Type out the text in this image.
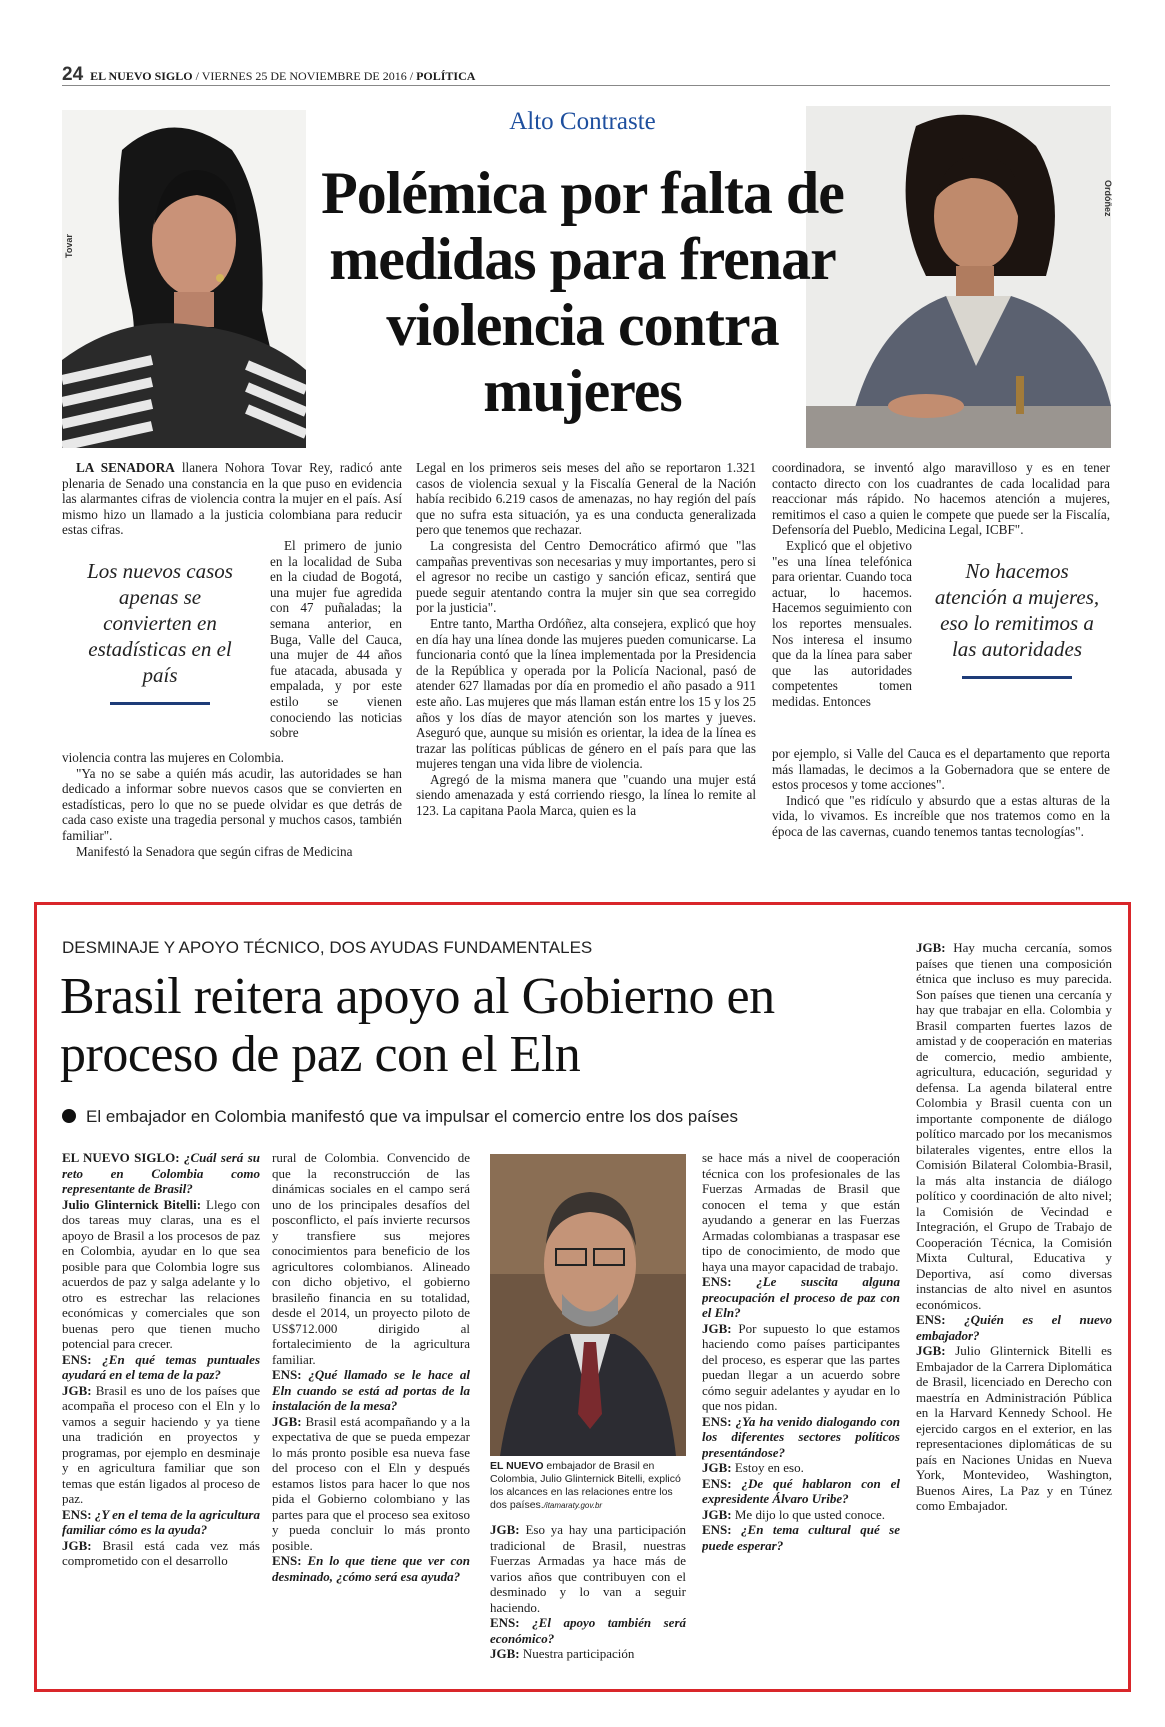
24 EL NUEVO SIGLO / VIERNES 25 DE NOVIEMBRE DE 2016 / POLÍTICA
Alto Contraste
Tovar
Ordóñez
Polémica por falta de medidas para frenar violencia contra mujeres

LA SENADORA llanera Nohora Tovar Rey, radicó ante plenaria de Senado una constancia en la que puso en evidencia las alarmantes cifras de violencia contra la mujer en el país. Así mismo hizo un llamado a la justicia colombiana para reducir estas cifras.

Los nuevos casos apenas se convierten en estadísticas en el país

El primero de junio en la localidad de Suba en la ciudad de Bogotá, una mujer fue agredida con 47 puñaladas; la semana anterior, en Buga, Valle del Cauca, una mujer de 44 años fue atacada, abusada y empalada, y por este estilo se vienen conociendo las noticias sobre

violencia contra las mujeres en Colombia.

"Ya no se sabe a quién más acudir, las autoridades se han dedicado a informar sobre nuevos casos que se convierten en estadísticas, pero lo que no se puede olvidar es que detrás de cada caso existe una tragedia personal y muchos casos, también familiar".

Manifestó la Senadora que según cifras de Medicina

Legal en los primeros seis meses del año se reportaron 1.321 casos de violencia sexual y la Fiscalía General de la Nación había recibido 6.219 casos de amenazas, no hay región del país que no sufra esta situación, ya es una conducta generalizada pero que tenemos que rechazar.

La congresista del Centro Democrático afirmó que "las campañas preventivas son necesarias y muy importantes, pero si el agresor no recibe un castigo y sanción eficaz, sentirá que puede seguir atentando contra la mujer sin que sea corregido por la justicia".

Entre tanto, Martha Ordóñez, alta consejera, explicó que hoy en día hay una línea donde las mujeres pueden comunicarse. La funcionaria contó que la línea implementada por la Presidencia de la República y operada por la Policía Nacional, pasó de atender 627 llamadas por día en promedio el año pasado a 911 este año. Las mujeres que más llaman están entre los 15 y los 25 años y los días de mayor atención son los martes y jueves. Aseguró que, aunque su misión es orientar, la idea de la línea es trazar las políticas públicas de género en el país para que las mujeres tengan una vida libre de violencia.

Agregó de la misma manera que "cuando una mujer está siendo amenazada y está corriendo riesgo, la línea lo remite al 123. La capitana Paola Marca, quien es la

coordinadora, se inventó algo maravilloso y es en tener contacto directo con los cuadrantes de cada localidad para reaccionar más rápido. No hacemos atención a mujeres, remitimos el caso a quien le compete que puede ser la Fiscalía, Defensoría del Pueblo, Medicina Legal, ICBF".

No hacemos atención a mujeres, eso lo remitimos a las autoridades

Explicó que el objetivo "es una línea telefónica para orientar. Cuando toca actuar, lo hacemos. Hacemos seguimiento con los reportes mensuales. Nos interesa el insumo que da la línea para saber que las autoridades competentes tomen medidas. Entonces

por ejemplo, si Valle del Cauca es el departamento que reporta más llamadas, le decimos a la Gobernadora que se entere de estos procesos y tome acciones".

Indicó que "es ridículo y absurdo que a estas alturas de la vida, lo vivamos. Es increíble que nos tratemos como en la época de las cavernas, cuando tenemos tantas tecnologías".

DESMINAJE Y APOYO TÉCNICO, DOS AYUDAS FUNDAMENTALES
Brasil reitera apoyo al Gobierno en proceso de paz con el Eln
El embajador en Colombia manifestó que va impulsar el comercio entre los dos países

EL NUEVO SIGLO: ¿Cuál será su reto en Colombia como representante de Brasil?

Julio Glinternick Bitelli: Llego con dos tareas muy claras, una es el apoyo de Brasil a los procesos de paz en Colombia, ayudar en lo que sea posible para que Colombia logre sus acuerdos de paz y salga adelante y lo otro es estrechar las relaciones económicas y comerciales que son buenas pero que tienen mucho potencial para crecer.

ENS: ¿En qué temas puntuales ayudará en el tema de la paz?

JGB: Brasil es uno de los países que acompaña el proceso con el Eln y lo vamos a seguir haciendo y ya tiene una tradición en proyectos y programas, por ejemplo en desminaje y en agricultura familiar que son temas que están ligados al proceso de paz.

ENS: ¿Y en el tema de la agricultura familiar cómo es la ayuda?

JGB: Brasil está cada vez más comprometido con el desarrollo

rural de Colombia. Convencido de que la reconstrucción de las dinámicas sociales en el campo será uno de los principales desafíos del posconflicto, el país invierte recursos y transfiere sus mejores conocimientos para beneficio de los agricultores colombianos. Alineado con dicho objetivo, el gobierno brasileño financia en su totalidad, desde el 2014, un proyecto piloto de US$712.000 dirigido al fortalecimiento de la agricultura familiar.

ENS: ¿Qué llamado se le hace al Eln cuando se está ad portas de la instalación de la mesa?

JGB: Brasil está acompañando y a la expectativa de que se pueda empezar lo más pronto posible esa nueva fase del proceso con el Eln y después estamos listos para hacer lo que nos pida el Gobierno colombiano y las partes para que el proceso sea exitoso y pueda concluir lo más pronto posible.

ENS: En lo que tiene que ver con desminado, ¿cómo será esa ayuda?

EL NUEVO embajador de Brasil en Colombia, Julio Glinternick Bitelli, explicó los alcances en las relaciones entre los dos países./itamaraty.gov.br

JGB: Eso ya hay una participación tradicional de Brasil, nuestras Fuerzas Armadas ya hace más de varios años que contribuyen con el desminado y lo van a seguir haciendo.

ENS: ¿El apoyo también será económico?

JGB: Nuestra participación

se hace más a nivel de cooperación técnica con los profesionales de las Fuerzas Armadas de Brasil que conocen el tema y que están ayudando a generar en las Fuerzas Armadas colombianas a traspasar ese tipo de conocimiento, de modo que haya una mayor capacidad de trabajo.

ENS: ¿Le suscita alguna preocupación el proceso de paz con el Eln?

JGB: Por supuesto lo que estamos haciendo como países participantes del proceso, es esperar que las partes puedan llegar a un acuerdo sobre cómo seguir adelantes y ayudar en lo que nos pidan.

ENS: ¿Ya ha venido dialogando con los diferentes sectores políticos presentándose?

JGB: Estoy en eso.

ENS: ¿De qué hablaron con el expresidente Álvaro Uribe?

JGB: Me dijo lo que usted conoce.

ENS: ¿En tema cultural qué se puede esperar?

JGB: Hay mucha cercanía, somos países que tienen una composición étnica que incluso es muy parecida. Son países que tienen una cercanía y hay que trabajar en ella. Colombia y Brasil comparten fuertes lazos de amistad y de cooperación en materias de comercio, medio ambiente, agricultura, educación, seguridad y defensa. La agenda bilateral entre Colombia y Brasil cuenta con un importante componente de diálogo político marcado por los mecanismos bilaterales vigentes, entre ellos la Comisión Bilateral Colombia-Brasil, la más alta instancia de diálogo político y coordinación de alto nivel; la Comisión de Vecindad e Integración, el Grupo de Trabajo de Cooperación Técnica, la Comisión Mixta Cultural, Educativa y Deportiva, así como diversas instancias de alto nivel en asuntos económicos.

ENS: ¿Quién es el nuevo embajador?

JGB: Julio Glinternick Bitelli es Embajador de la Carrera Diplomática de Brasil, licenciado en Derecho con maestría en Administración Pública en la Harvard Kennedy School. He ejercido cargos en el exterior, en las representaciones diplomáticas de su país en Naciones Unidas en Nueva York, Montevideo, Washington, Buenos Aires, La Paz y en Túnez como Embajador.
